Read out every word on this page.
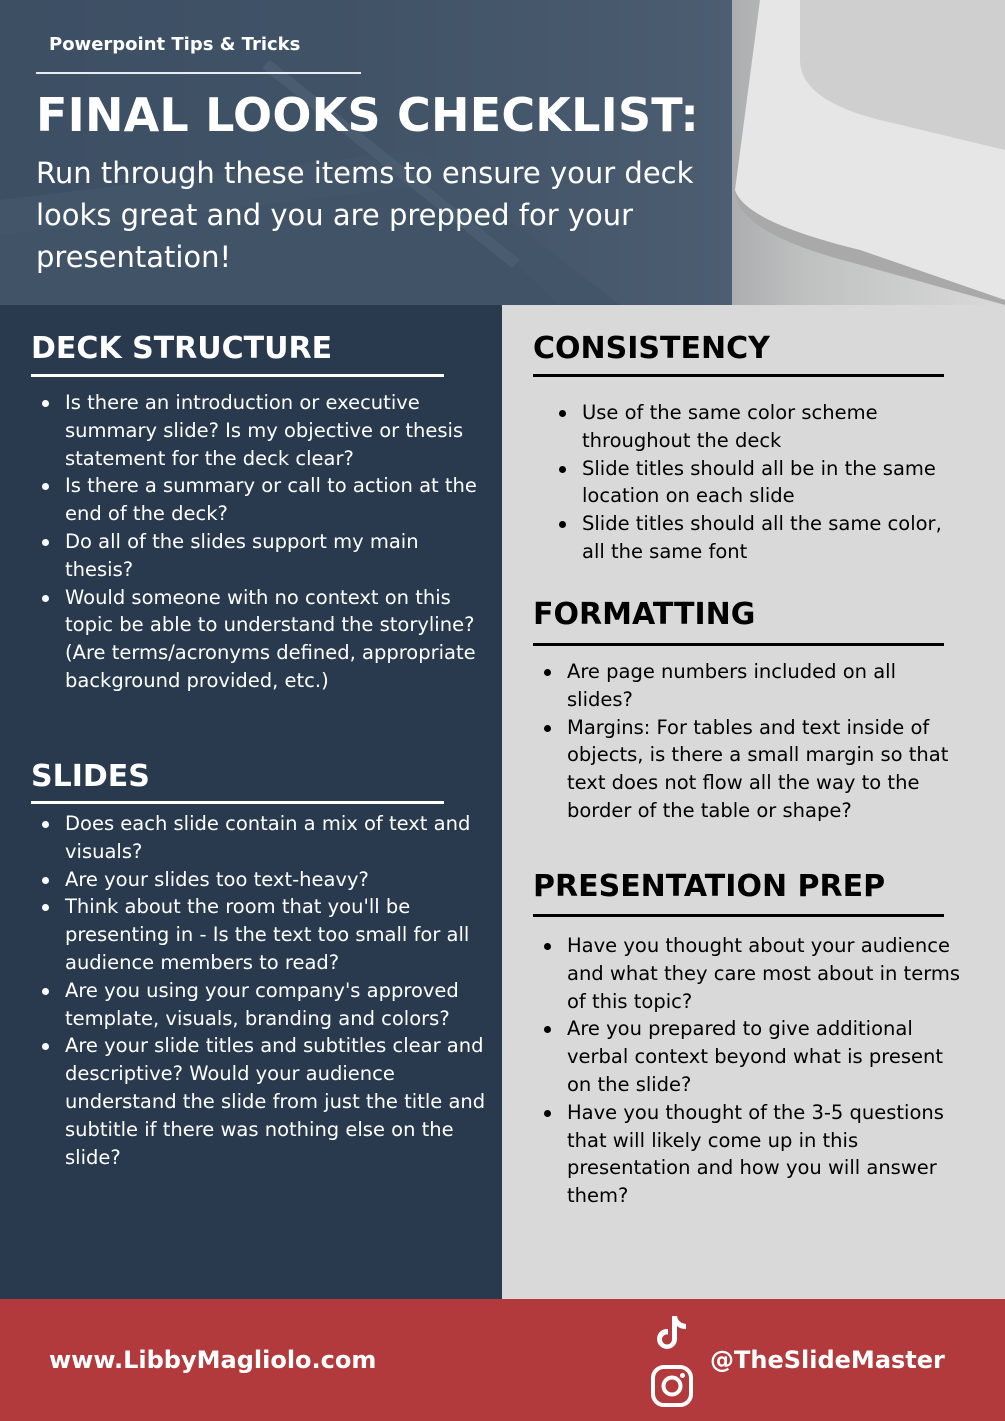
Powerpoint Tips & Tricks
FINAL LOOKS CHECKLIST:
Run through these items to ensure your deck looks great and you are prepped for your presentation!
DECK STRUCTURE
Is there an introduction or executive summary slide? Is my objective or thesis statement for the deck clear?
Is there a summary or call to action at the end of the deck?
Do all of the slides support my main thesis?
Would someone with no context on this topic be able to understand the storyline? (Are terms/acronyms defined, appropriate background provided, etc.)
SLIDES
Does each slide contain a mix of text and visuals?
Are your slides too text-heavy?
Think about the room that you'll be presenting in - Is the text too small for all audience members to read?
Are you using your company's approved template, visuals, branding and colors?
Are your slide titles and subtitles clear and descriptive? Would your audience understand the slide from just the title and subtitle if there was nothing else on the slide?
CONSISTENCY
Use of the same color scheme throughout the deck
Slide titles should all be in the same location on each slide
Slide titles should all the same color, all the same font
FORMATTING
Are page numbers included on all slides?
Margins: For tables and text inside of objects, is there a small margin so that text does not flow all the way to the border of the table or shape?
PRESENTATION PREP
Have you thought about your audience and what they care most about in terms of this topic?
Are you prepared to give additional verbal context beyond what is present on the slide?
Have you thought of the 3-5 questions that will likely come up in this presentation and how you will answer them?
www.LibbyMagliolo.com	@TheSlideMaster
